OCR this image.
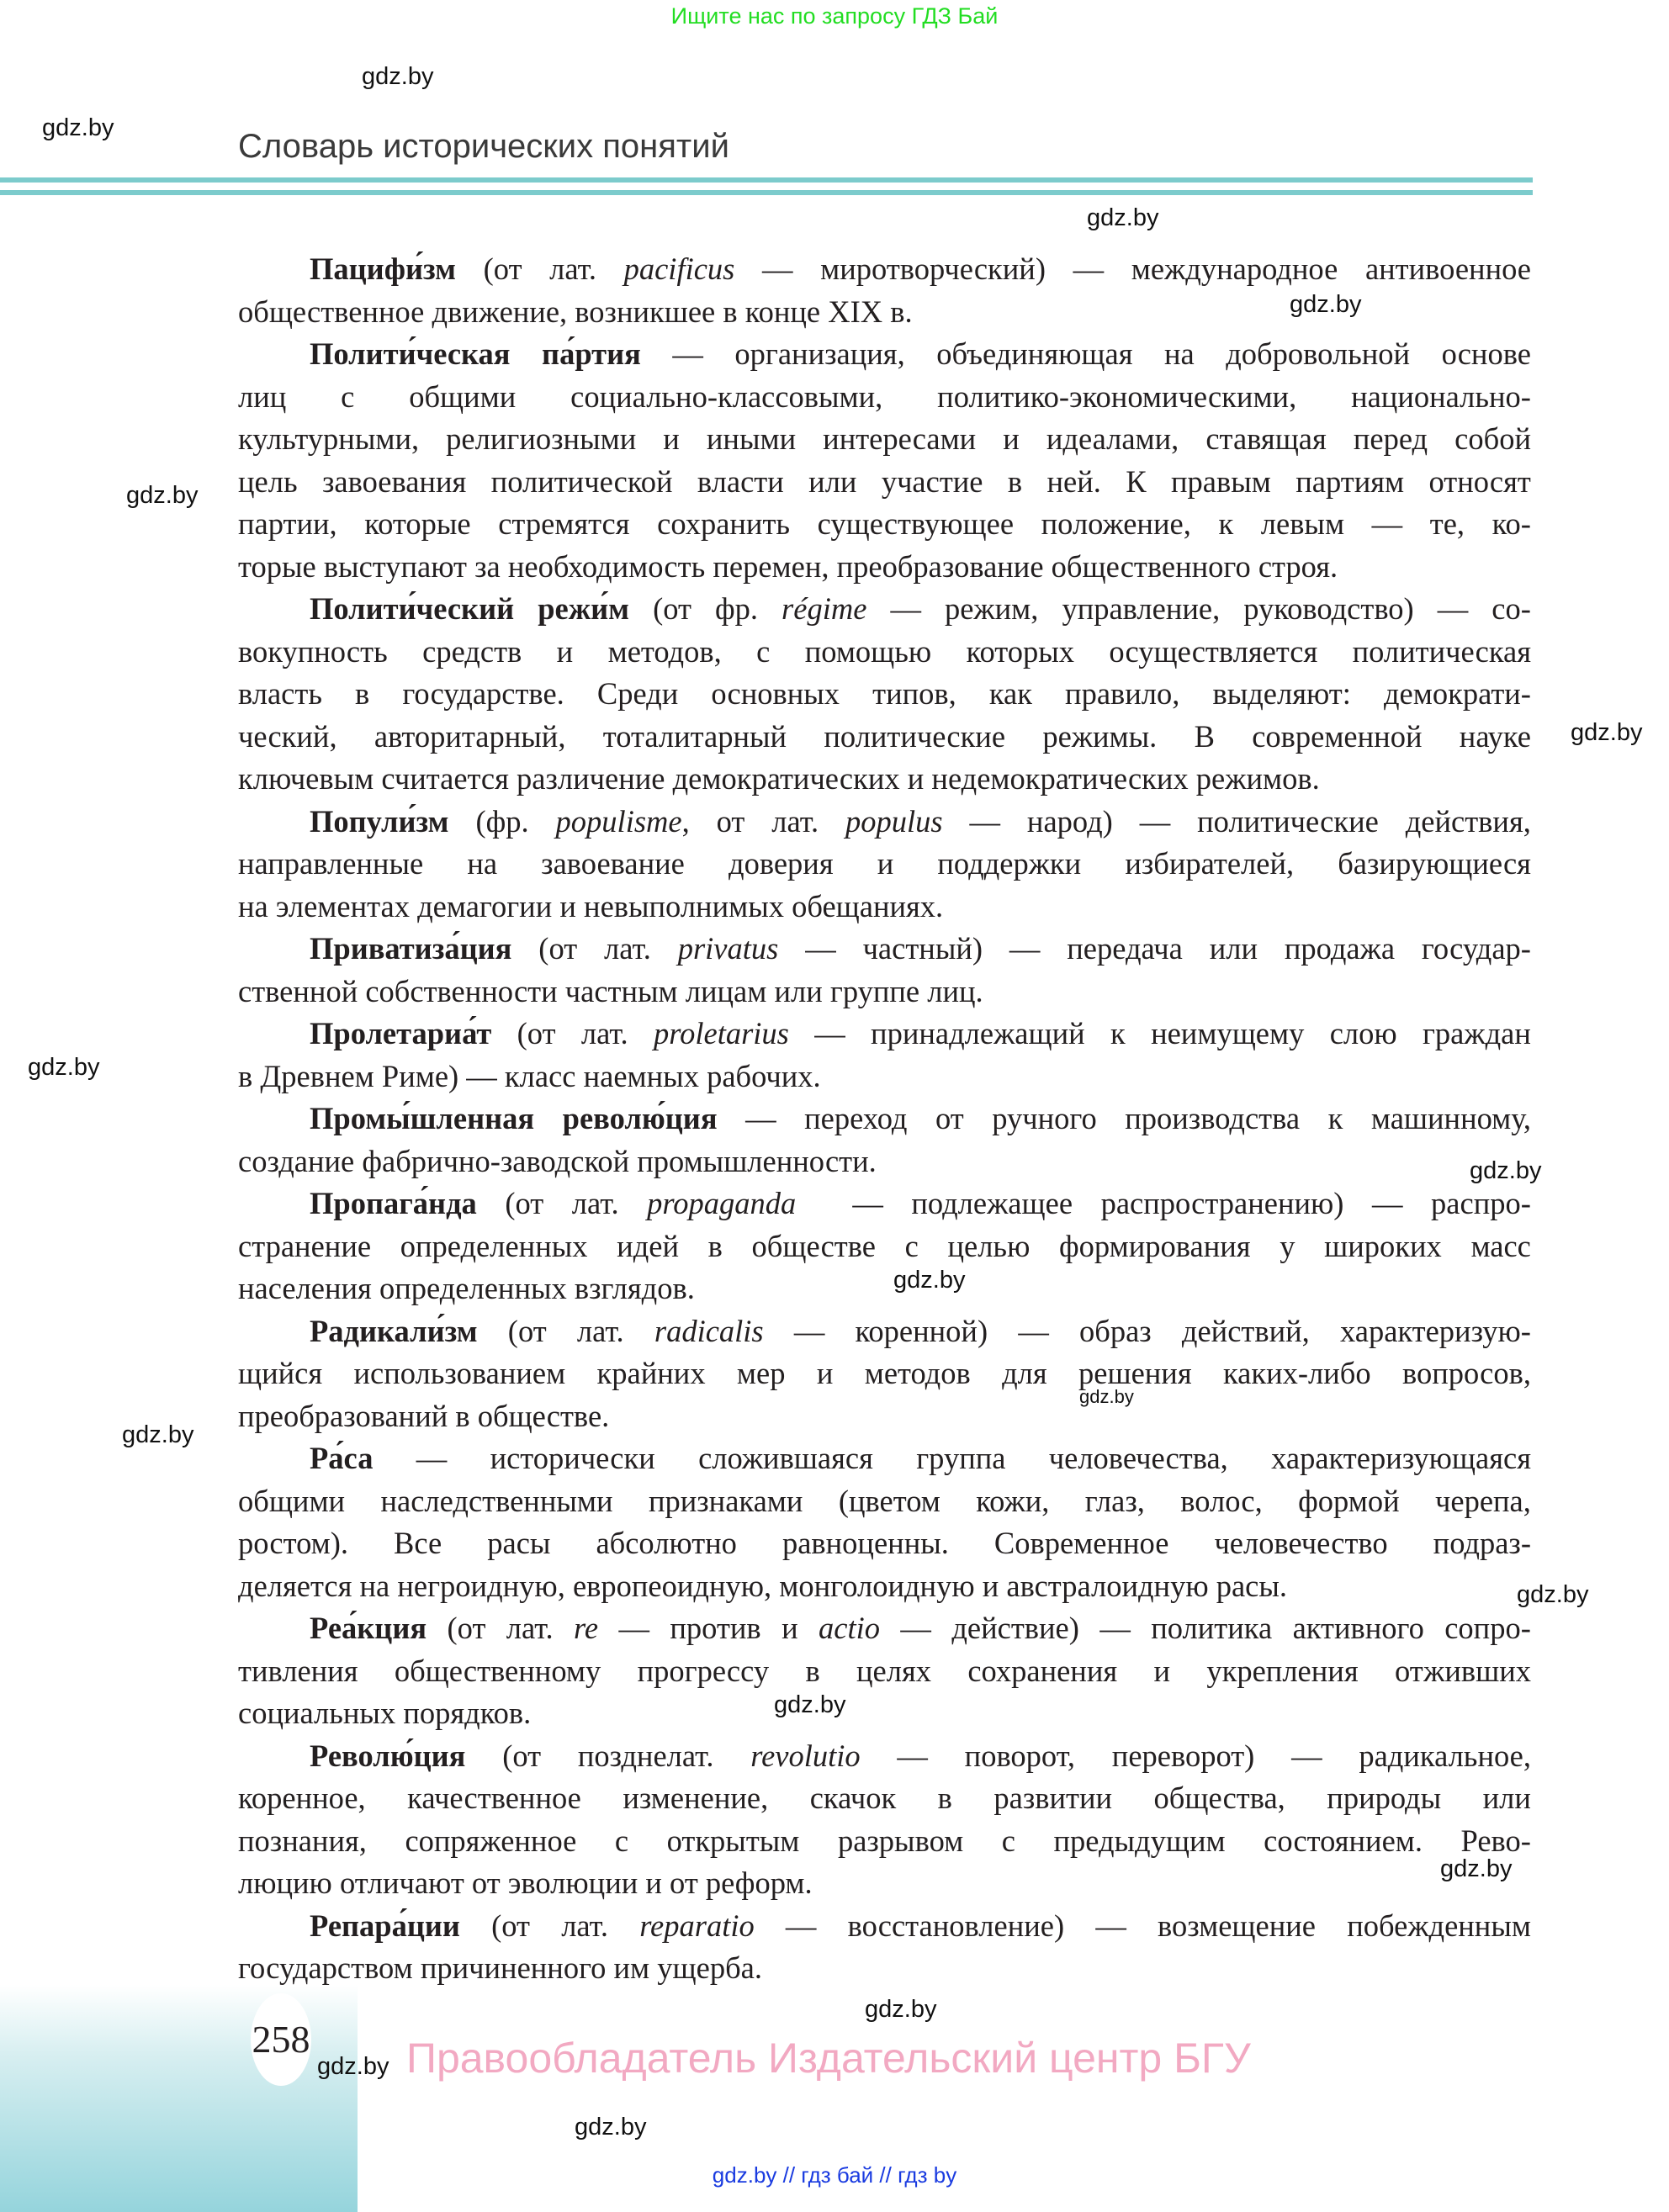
Ищите нас по запросу ГДЗ Бай
Словарь исторических понятий
Пацифи́зм (от лат. pacificus — миротворческий) — международное антивоенное
общественное движение, возникшее в конце XIX в.
Полити́ческая па́ртия — организация, объединяющая на добровольной основе
лиц с общими социально-классовыми, политико-экономическими, национально-
культурными, религиозными и иными интересами и идеалами, ставящая перед собой
цель завоевания политической власти или участие в ней. К правым партиям относят
партии, которые стремятся сохранить существующее положение, к левым — те, ко-
торые выступают за необходимость перемен, преобразование общественного строя.
Полити́ческий режи́м (от фр. régime — режим, управление, руководство) — со-
вокупность средств и методов, с помощью которых осуществляется политическая
власть в государстве. Среди основных типов, как правило, выделяют: демократи-
ческий, авторитарный, тоталитарный политические режимы. В современной науке
ключевым считается различение демократических и недемократических режимов.
Попули́зм (фр. populisme, от лат. populus — народ) — политические действия,
направленные на завоевание доверия и поддержки избирателей, базирующиеся
на элементах демагогии и невыполнимых обещаниях.
Приватиза́ция (от лат. privatus — частный) — передача или продажа государ-
ственной собственности частным лицам или группе лиц.
Пролетариа́т (от лат. proletarius — принадлежащий к неимущему слою граждан
в Древнем Риме) — класс наемных рабочих.
Промы́шленная револю́ция — переход от ручного производства к машинному,
создание фабрично-заводской промышленности.
Пропага́нда (от лат. propaganda — подлежащее распространению) — распро-
странение определенных идей в обществе с целью формирования у широких масс
населения определенных взглядов.
Радикали́зм (от лат. radicalis — коренной) — образ действий, характеризую-
щийся использованием крайних мер и методов для решения каких-либо вопросов,
преобразований в обществе.
Ра́са — исторически сложившаяся группа человечества, характеризующаяся
общими наследственными признаками (цветом кожи, глаз, волос, формой черепа,
ростом). Все расы абсолютно равноценны. Современное человечество подраз-
деляется на негроидную, европеоидную, монголоидную и австралоидную расы.
Реа́кция (от лат. re — против и actio — действие) — политика активного сопро-
тивления общественному прогрессу в целях сохранения и укрепления отживших
социальных порядков.
Револю́ция (от позднелат. revolutio — поворот, переворот) — радикальное,
коренное, качественное изменение, скачок в развитии общества, природы или
познания, сопряженное с открытым разрывом с предыдущим состоянием. Рево-
люцию отличают от эволюции и от реформ.
Репара́ции (от лат. reparatio — восстановление) — возмещение побежденным
государством причиненного им ущерба.
258 Правообладатель Издательский центр БГУ
gdz.by // гдз бай // гдз by
gdz.by
gdz.by
gdz.by
gdz.by
gdz.by
gdz.by
gdz.by
gdz.by
gdz.by
gdz.by
gdz.by
gdz.by
gdz.by
gdz.by
gdz.by
gdz.by
gdz.by
